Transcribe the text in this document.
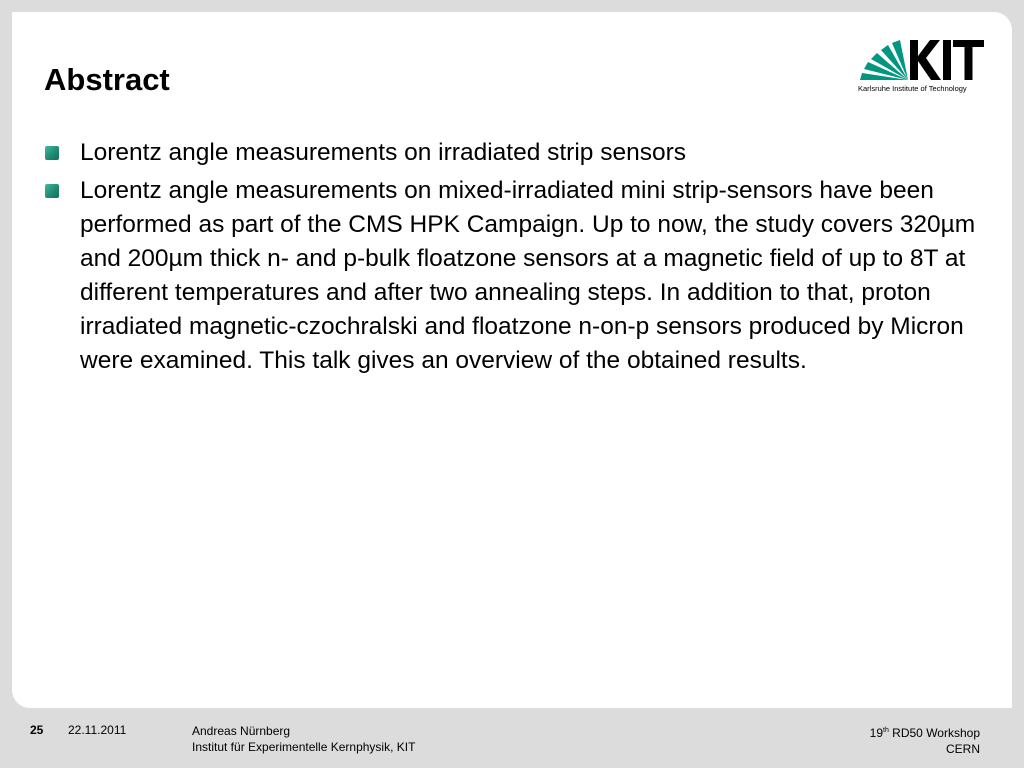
Abstract	Karlsruhe Institute of Technology
Lorentz angle measurements on irradiated strip sensors
Lorentz angle measurements on mixed-irradiated mini strip-sensors have been performed as part of the CMS HPK Campaign. Up to now, the study covers 320µm and 200µm thick n- and p-bulk floatzone sensors at a magnetic field of up to 8T at different temperatures and after two annealing steps. In addition to that, proton irradiated magnetic-czochralski and floatzone n-on-p sensors produced by Micron were examined. This talk gives an overview of the obtained results.
25 22.11.2011	Andreas Nürnberg
Institut für Experimentelle Kernphysik, KIT
19th RD50 Workshop
CERN
